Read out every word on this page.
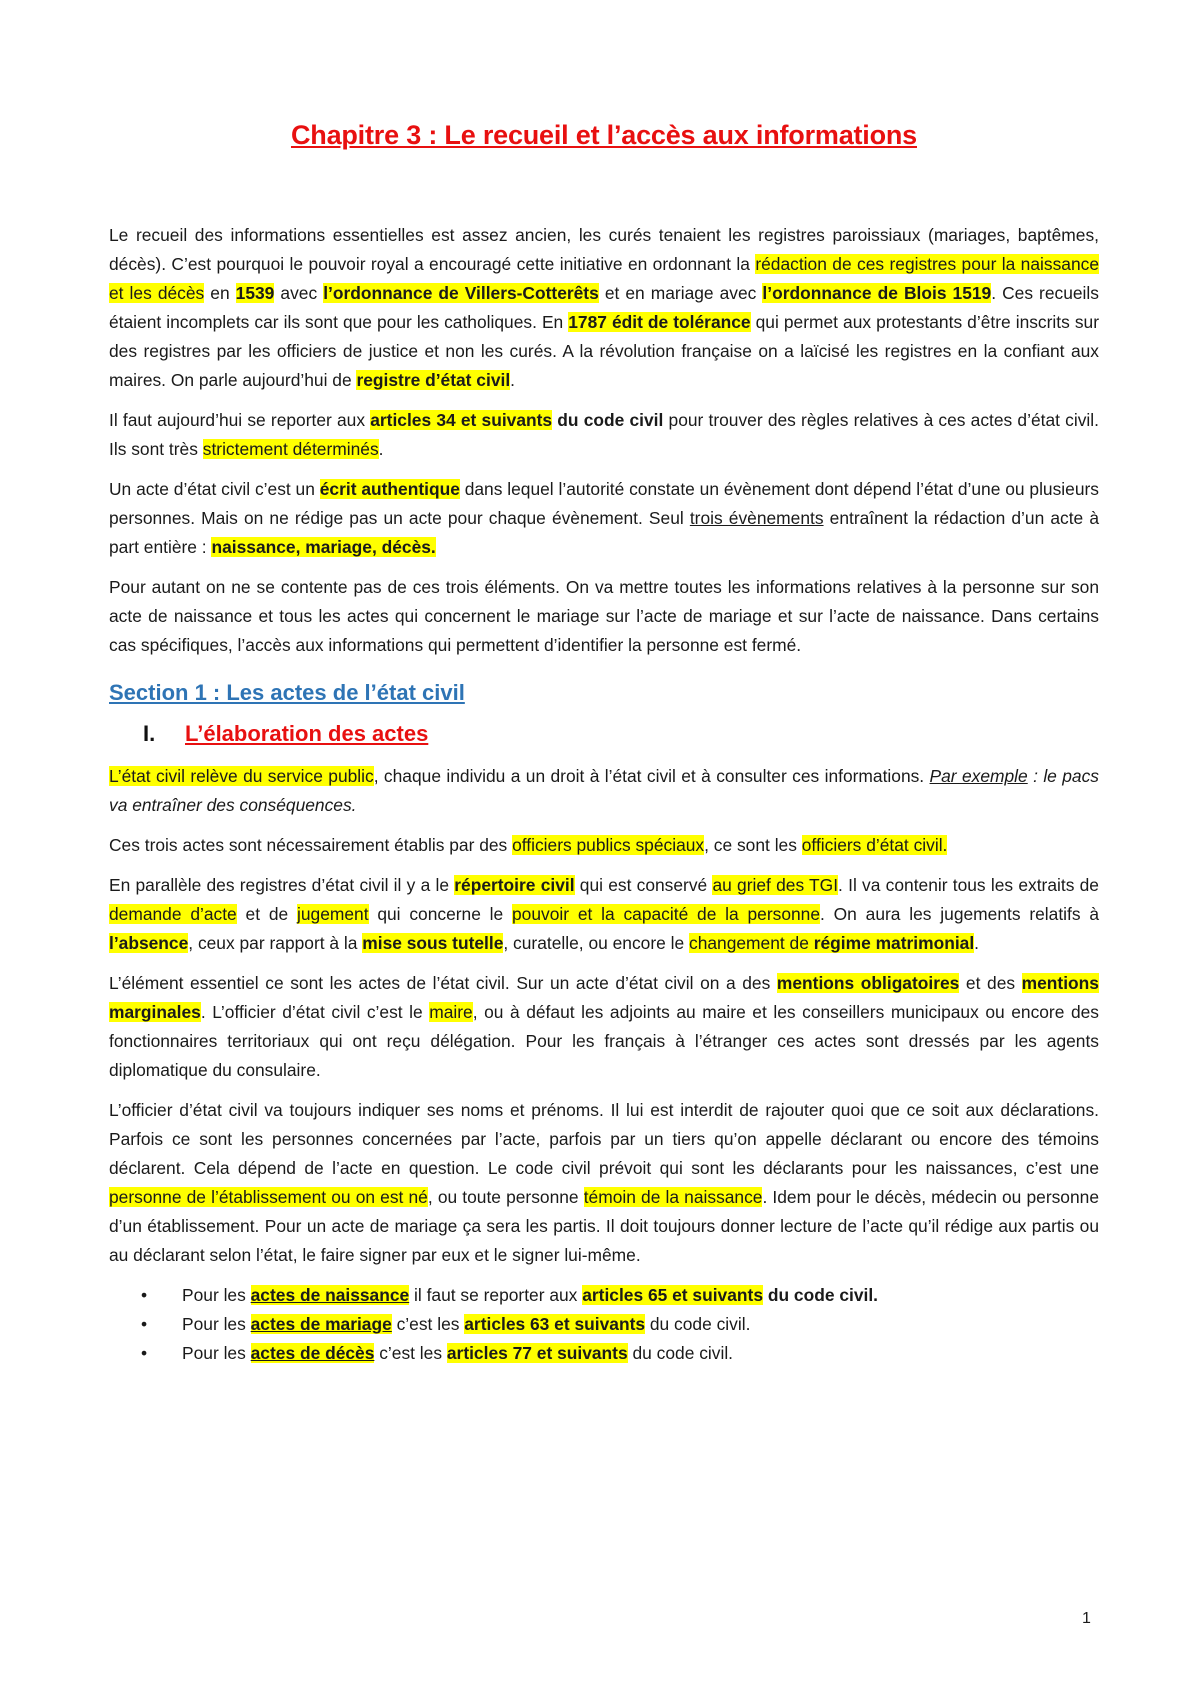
Chapitre 3 : Le recueil et l’accès aux informations

Le recueil des informations essentielles est assez ancien, les curés tenaient les registres paroissiaux (mariages, baptêmes, décès). C’est pourquoi le pouvoir royal a encouragé cette initiative en ordonnant la rédaction de ces registres pour la naissance et les décès en 1539 avec l’ordonnance de Villers-Cotterêts et en mariage avec l’ordonnance de Blois 1519. Ces recueils étaient incomplets car ils sont que pour les catholiques. En 1787 édit de tolérance qui permet aux protestants d’être inscrits sur des registres par les officiers de justice et non les curés. A la révolution française on a laïcisé les registres en la confiant aux maires. On parle aujourd’hui de registre d’état civil.

Il faut aujourd’hui se reporter aux articles 34 et suivants du code civil pour trouver des règles relatives à ces actes d’état civil. Ils sont très strictement déterminés.

Un acte d’état civil c’est un écrit authentique dans lequel l’autorité constate un évènement dont dépend l’état d’une ou plusieurs personnes. Mais on ne rédige pas un acte pour chaque évènement. Seul trois évènements entraînent la rédaction d’un acte à part entière : naissance, mariage, décès.

Pour autant on ne se contente pas de ces trois éléments. On va mettre toutes les informations relatives à la personne sur son acte de naissance et tous les actes qui concernent le mariage sur l’acte de mariage et sur l’acte de naissance. Dans certains cas spécifiques, l’accès aux informations qui permettent d’identifier la personne est fermé.

Section 1 : Les actes de l’état civil
I.	L’élaboration des actes

L’état civil relève du service public, chaque individu a un droit à l’état civil et à consulter ces informations. Par exemple : le pacs va entraîner des conséquences.

Ces trois actes sont nécessairement établis par des officiers publics spéciaux, ce sont les officiers d’état civil.

En parallèle des registres d’état civil il y a le répertoire civil qui est conservé au grief des TGI. Il va contenir tous les extraits de demande d’acte et de jugement qui concerne le pouvoir et la capacité de la personne. On aura les jugements relatifs à l’absence, ceux par rapport à la mise sous tutelle, curatelle, ou encore le changement de régime matrimonial.

L’élément essentiel ce sont les actes de l’état civil. Sur un acte d’état civil on a des mentions obligatoires et des mentions marginales. L’officier d’état civil c’est le maire, ou à défaut les adjoints au maire et les conseillers municipaux ou encore des fonctionnaires territoriaux qui ont reçu délégation. Pour les français à l’étranger ces actes sont dressés par les agents diplomatique du consulaire.

L’officier d’état civil va toujours indiquer ses noms et prénoms. Il lui est interdit de rajouter quoi que ce soit aux déclarations. Parfois ce sont les personnes concernées par l’acte, parfois par un tiers qu’on appelle déclarant ou encore des témoins déclarent. Cela dépend de l’acte en question. Le code civil prévoit qui sont les déclarants pour les naissances, c’est une personne de l’établissement ou on est né, ou toute personne témoin de la naissance. Idem pour le décès, médecin ou personne d’un établissement. Pour un acte de mariage ça sera les partis. Il doit toujours donner lecture de l’acte qu’il rédige aux partis ou au déclarant selon l’état, le faire signer par eux et le signer lui-même.

• Pour les actes de naissance il faut se reporter aux articles 65 et suivants du code civil.
• Pour les actes de mariage c’est les articles 63 et suivants du code civil.
• Pour les actes de décès c’est les articles 77 et suivants du code civil.
1
